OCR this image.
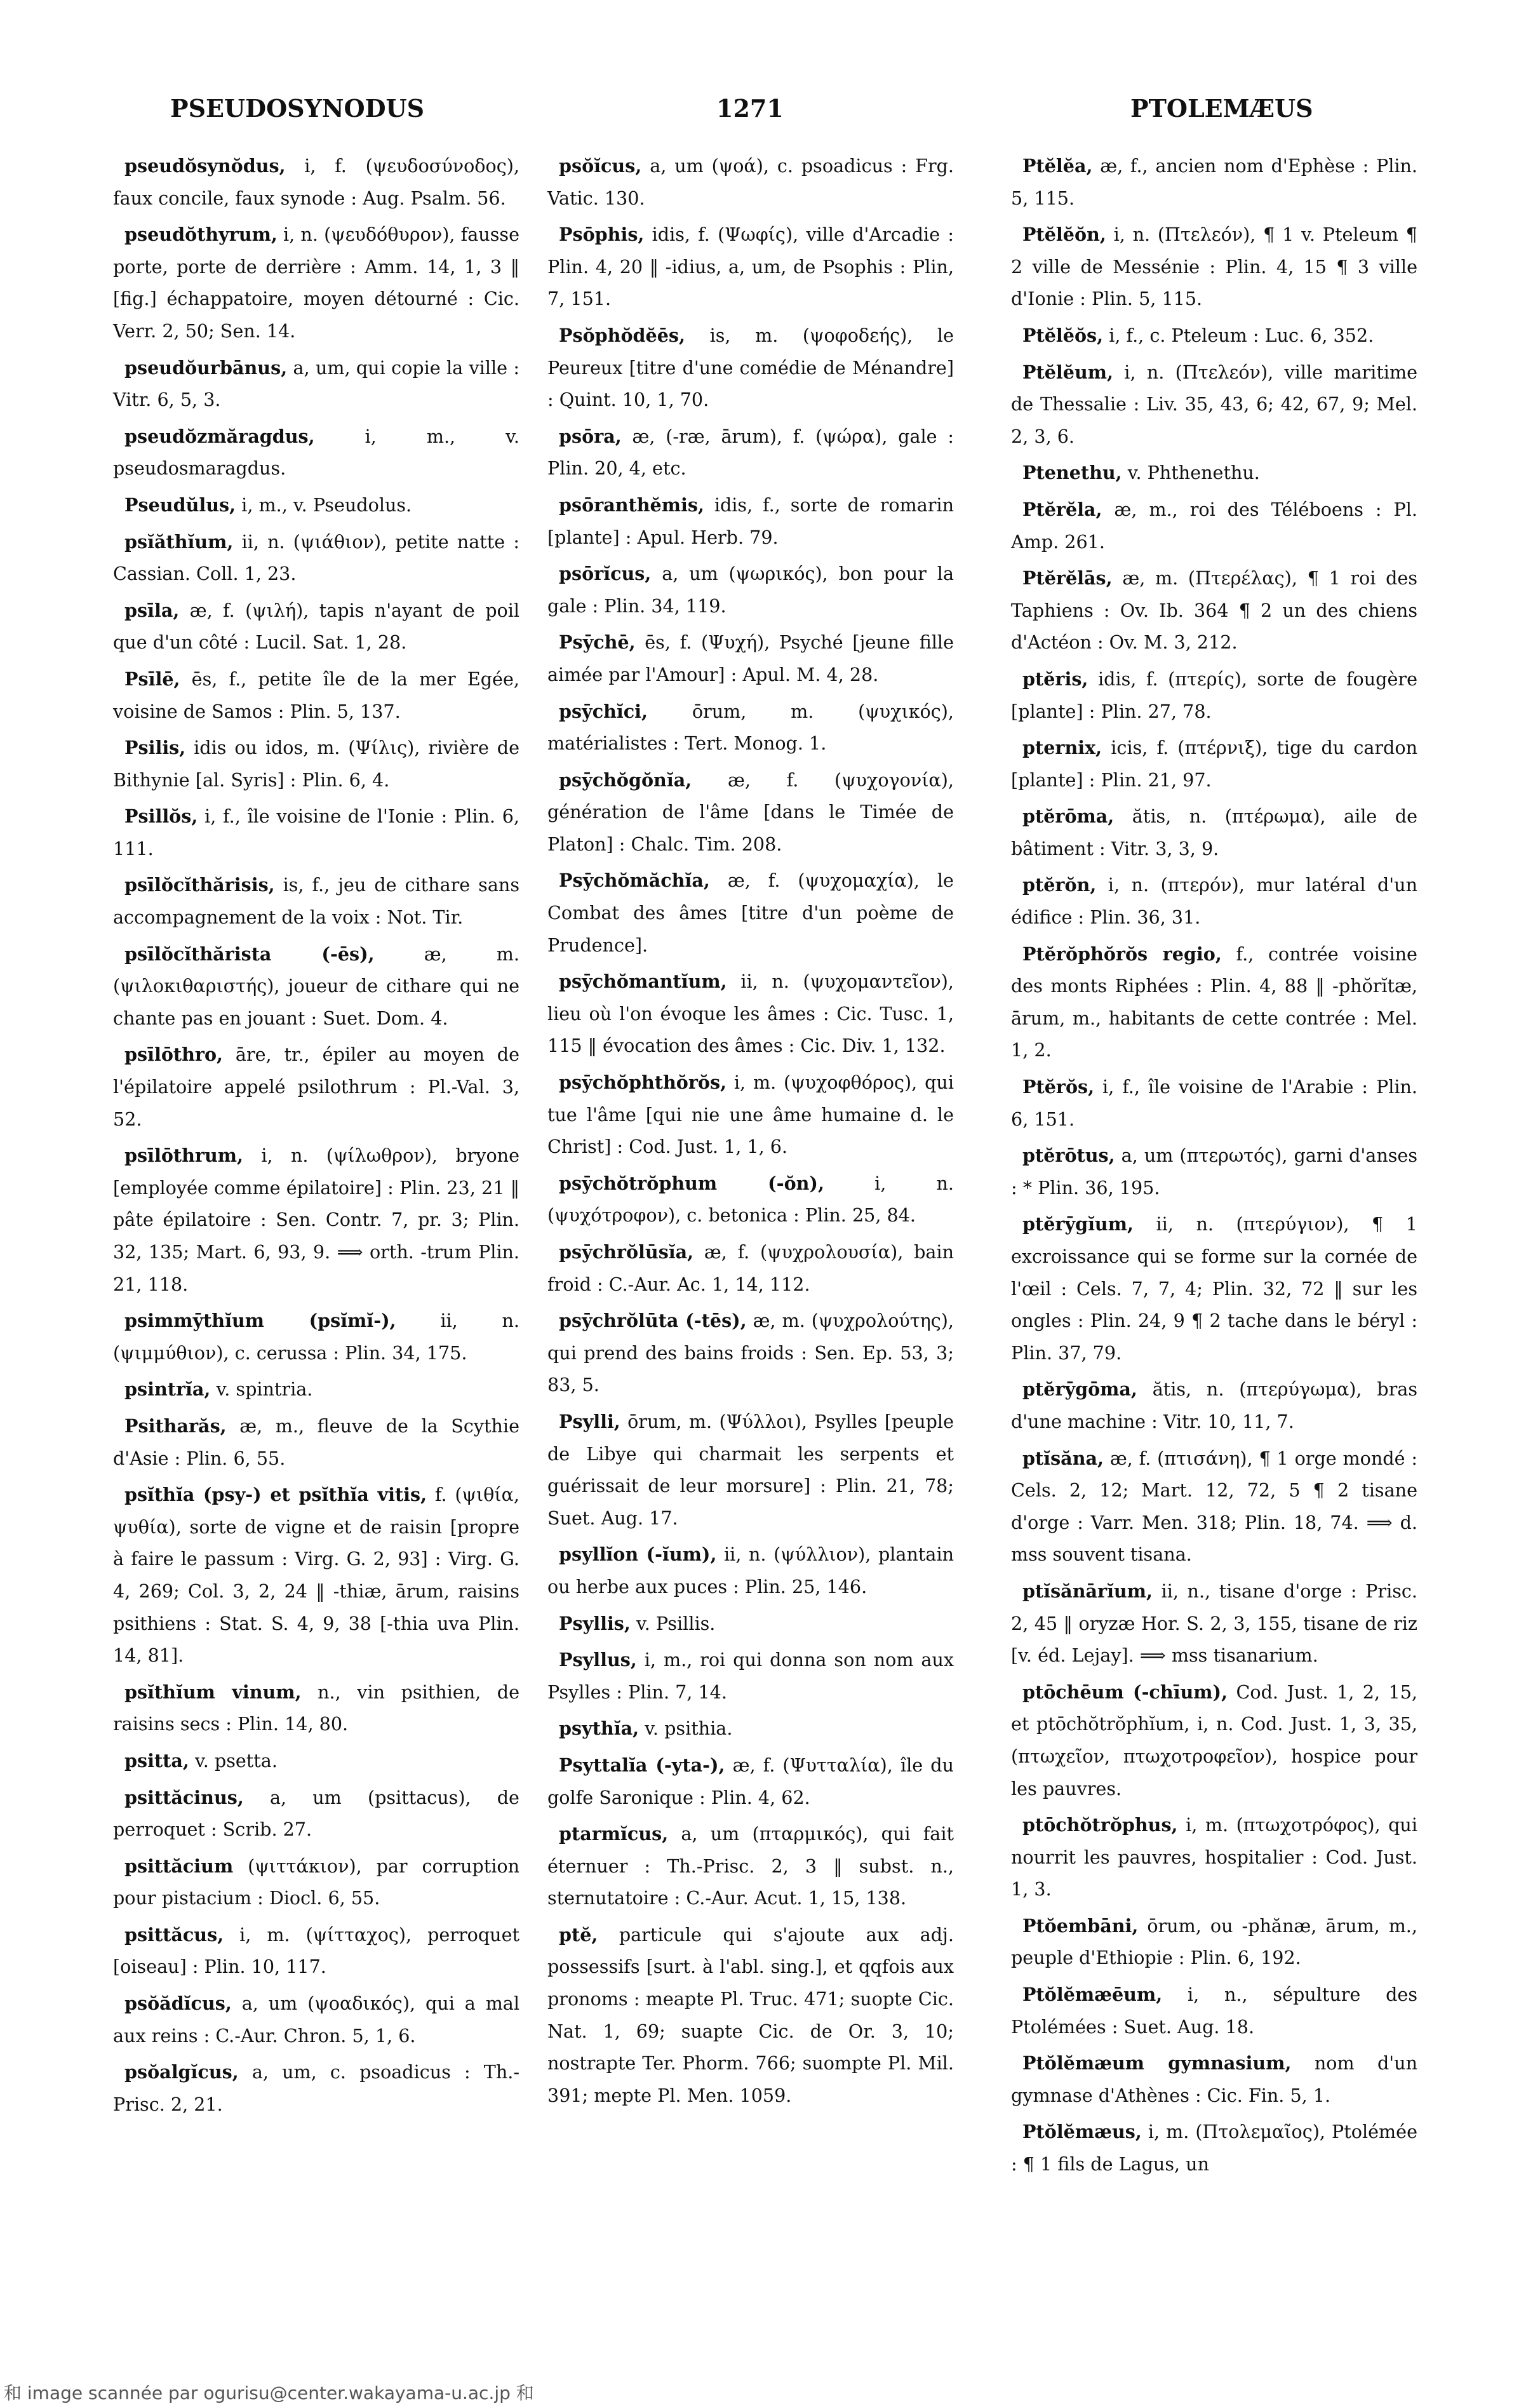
PSEUDOSYNODUS	1271	PTOLEMÆUS

pseudŏsynŏdus, i, f. (ψευδοσύνοδος), faux concile, faux synode : Aug. Psalm. 56.

pseudŏthyrum, i, n. (ψευδόθυρον), fausse porte, porte de derrière : Amm. 14, 1, 3 ‖ [fig.] échappatoire, moyen détourné : Cic. Verr. 2, 50; Sen. 14.

pseudŏurbānus, a, um, qui copie la ville : Vitr. 6, 5, 3.

pseudŏzmăragdus,	i, m., v. pseudosmaragdus.

Pseudŭlus, i, m., v. Pseudolus.

psĭăthĭum, ii, n. (ψιάθιον), petite natte : Cassian. Coll. 1, 23.

psīla, æ, f. (ψιλή), tapis n'ayant de poil que d'un côté : Lucil. Sat. 1, 28.

Psīlē, ēs, f., petite île de la mer Egée, voisine de Samos : Plin. 5, 137.

Psilis, idis ou idos, m. (Ψίλις), rivière de Bithynie [al. Syris] : Plin. 6, 4.

Psillŏs, i, f., île voisine de l'Ionie : Plin. 6, 111.

psīlŏcĭthărisis, is, f., jeu de cithare sans accompagnement de la voix : Not. Tir.

psīlŏcĭthărista (-ēs),	æ, m. (ψιλοκιθαριστής), joueur de cithare qui ne chante pas en jouant : Suet. Dom. 4.

psīlōthro, āre, tr., épiler au moyen de l'épilatoire appelé psilothrum : Pl.-Val. 3, 52.

psīlōthrum, i, n. (ψίλωθρον), bryone [employée comme épilatoire] : Plin. 23, 21 ‖ pâte épilatoire : Sen. Contr. 7, pr. 3; Plin. 32, 135; Mart. 6, 93, 9. ⟹ orth. -trum Plin. 21, 118.

psimmȳthĭum (psĭmĭ-), ii, n. (ψιμμύθιον), c. cerussa : Plin. 34, 175.

psintrĭa, v. spintria.

Psitharăs, æ, m., fleuve de la Scythie d'Asie : Plin. 6, 55.

psĭthĭa (psy-) et psĭthĭa vitis, f. (ψιθία, ψυθία), sorte de vigne et de raisin [propre à faire le passum : Virg. G. 2, 93] : Virg. G. 4, 269; Col. 3, 2, 24 ‖ -thiæ, ārum, raisins psithiens : Stat. S. 4, 9, 38 [-thia uva Plin. 14, 81].

psĭthĭum vinum, n., vin psithien, de raisins secs : Plin. 14, 80.

psitta, v. psetta.

psittăcinus, a, um (psittacus), de perroquet : Scrib. 27.

psittăcium (ψιττάκιον), par corruption pour pistacium : Diocl. 6, 55.

psittăcus, i, m. (ψίτταχος), perroquet [oiseau] : Plin. 10, 117.

psŏădĭcus, a, um (ψοαδικός), qui a mal aux reins : C.-Aur. Chron. 5, 1, 6.

psŏalgĭcus, a, um, c. psoadicus : Th.-Prisc. 2, 21.

psŏĭcus, a, um (ψοά), c. psoadicus : Frg. Vatic. 130.

Psōphis, idis, f. (Ψωφίς), ville d'Arcadie : Plin. 4, 20 ‖ -idius, a, um, de Psophis : Plin, 7, 151.

Psŏphŏdĕēs, is, m. (ψοφοδεής), le Peureux [titre d'une comédie de Ménandre] : Quint. 10, 1, 70.

psōra, æ, (-ræ, ārum), f. (ψώρα), gale : Plin. 20, 4, etc.

psōranthĕmis, idis, f., sorte de romarin [plante] : Apul. Herb. 79.

psōrĭcus, a, um (ψωρικός), bon pour la gale : Plin. 34, 119.

Psȳchē, ēs, f. (Ψυχή), Psyché [jeune fille aimée par l'Amour] : Apul. M. 4, 28.

psȳchĭci, ōrum, m. (ψυχικός), matérialistes : Tert. Monog. 1.

psȳchŏgŏnĭa, æ, f. (ψυχογονία), génération de l'âme [dans le Timée de Platon] : Chalc. Tim. 208.

Psȳchŏmăchĭa, æ, f. (ψυχομαχία), le Combat des âmes [titre d'un poème de Prudence].

psȳchŏmantĭum, ii, n. (ψυχομαντεῖον), lieu où l'on évoque les âmes : Cic. Tusc. 1, 115 ‖ évocation des âmes : Cic. Div. 1, 132.

psȳchŏphthŏrŏs, i, m. (ψυχοφθόρος), qui tue l'âme [qui nie une âme humaine d. le Christ] : Cod. Just. 1, 1, 6.

psȳchŏtrŏphum (-ŏn),	i, n. (ψυχότροφον), c. betonica : Plin. 25, 84.

psȳchrŏlūsĭa, æ, f. (ψυχρολουσία), bain froid : C.-Aur. Ac. 1, 14, 112.

psȳchrŏlūta (-tēs), æ, m. (ψυχρολούτης), qui prend des bains froids : Sen. Ep. 53, 3; 83, 5.

Psylli, ōrum, m. (Ψύλλοι), Psylles [peuple de Libye qui charmait les serpents et guérissait de leur morsure] : Plin. 21, 78; Suet. Aug. 17.

psyllĭon (-ĭum), ii, n. (ψύλλιον), plantain ou herbe aux puces : Plin. 25, 146.

Psyllis, v. Psillis.

Psyllus, i, m., roi qui donna son nom aux Psylles : Plin. 7, 14.

psythĭa, v. psithia.

Psyttalĭa (-yta-), æ, f. (Ψυτταλία), île du golfe Saronique : Plin. 4, 62.

ptarmĭcus, a, um (πταρμικός), qui fait éternuer : Th.-Prisc. 2, 3 ‖ subst. n., sternutatoire : C.-Aur. Acut. 1, 15, 138.

ptĕ, particule qui s'ajoute aux adj. possessifs [surt. à l'abl. sing.], et qqfois aux pronoms : meapte Pl. Truc. 471; suopte Cic. Nat. 1, 69; suapte Cic. de Or. 3, 10; nostrapte Ter. Phorm. 766; suompte Pl. Mil. 391; mepte Pl. Men. 1059.

Ptĕlĕa, æ, f., ancien nom d'Ephèse : Plin. 5, 115.

Ptĕlĕŏn, i, n. (Πτελεόν), ¶ 1 v. Pteleum ¶ 2 ville de Messénie : Plin. 4, 15 ¶ 3 ville d'Ionie : Plin. 5, 115.

Ptĕlĕŏs, i, f., c. Pteleum : Luc. 6, 352.

Ptĕlĕum, i, n. (Πτελεόν), ville maritime de Thessalie : Liv. 35, 43, 6; 42, 67, 9; Mel. 2, 3, 6.

Ptenethu, v. Phthenethu.

Ptĕrĕla, æ, m., roi des Téléboens : Pl. Amp. 261.

Ptĕrĕlās, æ, m. (Πτερέλας), ¶ 1 roi des Taphiens : Ov. Ib. 364 ¶ 2 un des chiens d'Actéon : Ov. M. 3, 212.

ptĕris, idis, f. (πτερίς), sorte de fougère [plante] : Plin. 27, 78.

pternix, icis, f. (πτέρνιξ), tige du cardon [plante] : Plin. 21, 97.

ptĕrōma, ătis, n. (πτέρωμα), aile de bâtiment : Vitr. 3, 3, 9.

ptĕrŏn, i, n. (πτερόν), mur latéral d'un édifice : Plin. 36, 31.

Ptĕrŏphŏrŏs regio, f., contrée voisine des monts Riphées : Plin. 4, 88 ‖ -phŏrĭtæ, ārum, m., habitants de cette contrée : Mel. 1, 2.

Ptĕrŏs, i, f., île voisine de l'Arabie : Plin. 6, 151.

ptĕrōtus, a, um (πτερωτός), garni d'anses : * Plin. 36, 195.

ptĕrȳgĭum, ii, n. (πτερύγιον), ¶ 1 excroissance qui se forme sur la cornée de l'œil : Cels. 7, 7, 4; Plin. 32, 72 ‖ sur les ongles : Plin. 24, 9 ¶ 2 tache dans le béryl : Plin. 37, 79.

ptĕrȳgōma, ătis, n. (πτερύγωμα), bras d'une machine : Vitr. 10, 11, 7.

ptĭsăna, æ, f. (πτισάνη), ¶ 1 orge mondé : Cels. 2, 12; Mart. 12, 72, 5 ¶ 2 tisane d'orge : Varr. Men. 318; Plin. 18, 74. ⟹ d. mss souvent tisana.

ptĭsănārĭum, ii, n., tisane d'orge : Prisc. 2, 45 ‖ oryzæ Hor. S. 2, 3, 155, tisane de riz [v. éd. Lejay]. ⟹ mss tisanarium.

ptōchēum (-chīum), Cod. Just. 1, 2, 15, et ptōchŏtrŏphĭum, i, n. Cod. Just. 1, 3, 35, (πτωχεῖον, πτωχοτροφεῖον), hospice pour les pauvres.

ptōchŏtrŏphus, i, m. (πτωχοτρόφος), qui nourrit les pauvres, hospitalier : Cod. Just. 1, 3.

Ptŏembāni, ōrum, ou -phănæ, ārum, m., peuple d'Ethiopie : Plin. 6, 192.

Ptŏlĕmæēum, i, n., sépulture des Ptolémées : Suet. Aug. 18.

Ptŏlĕmæum gymnasium, nom d'un gymnase d'Athènes : Cic. Fin. 5, 1.

Ptŏlĕmæus, i, m. (Πτολεμαῖος), Ptolémée : ¶ 1 fils de Lagus, un

和 image scannée par ogurisu@center.wakayama-u.ac.jp 和
